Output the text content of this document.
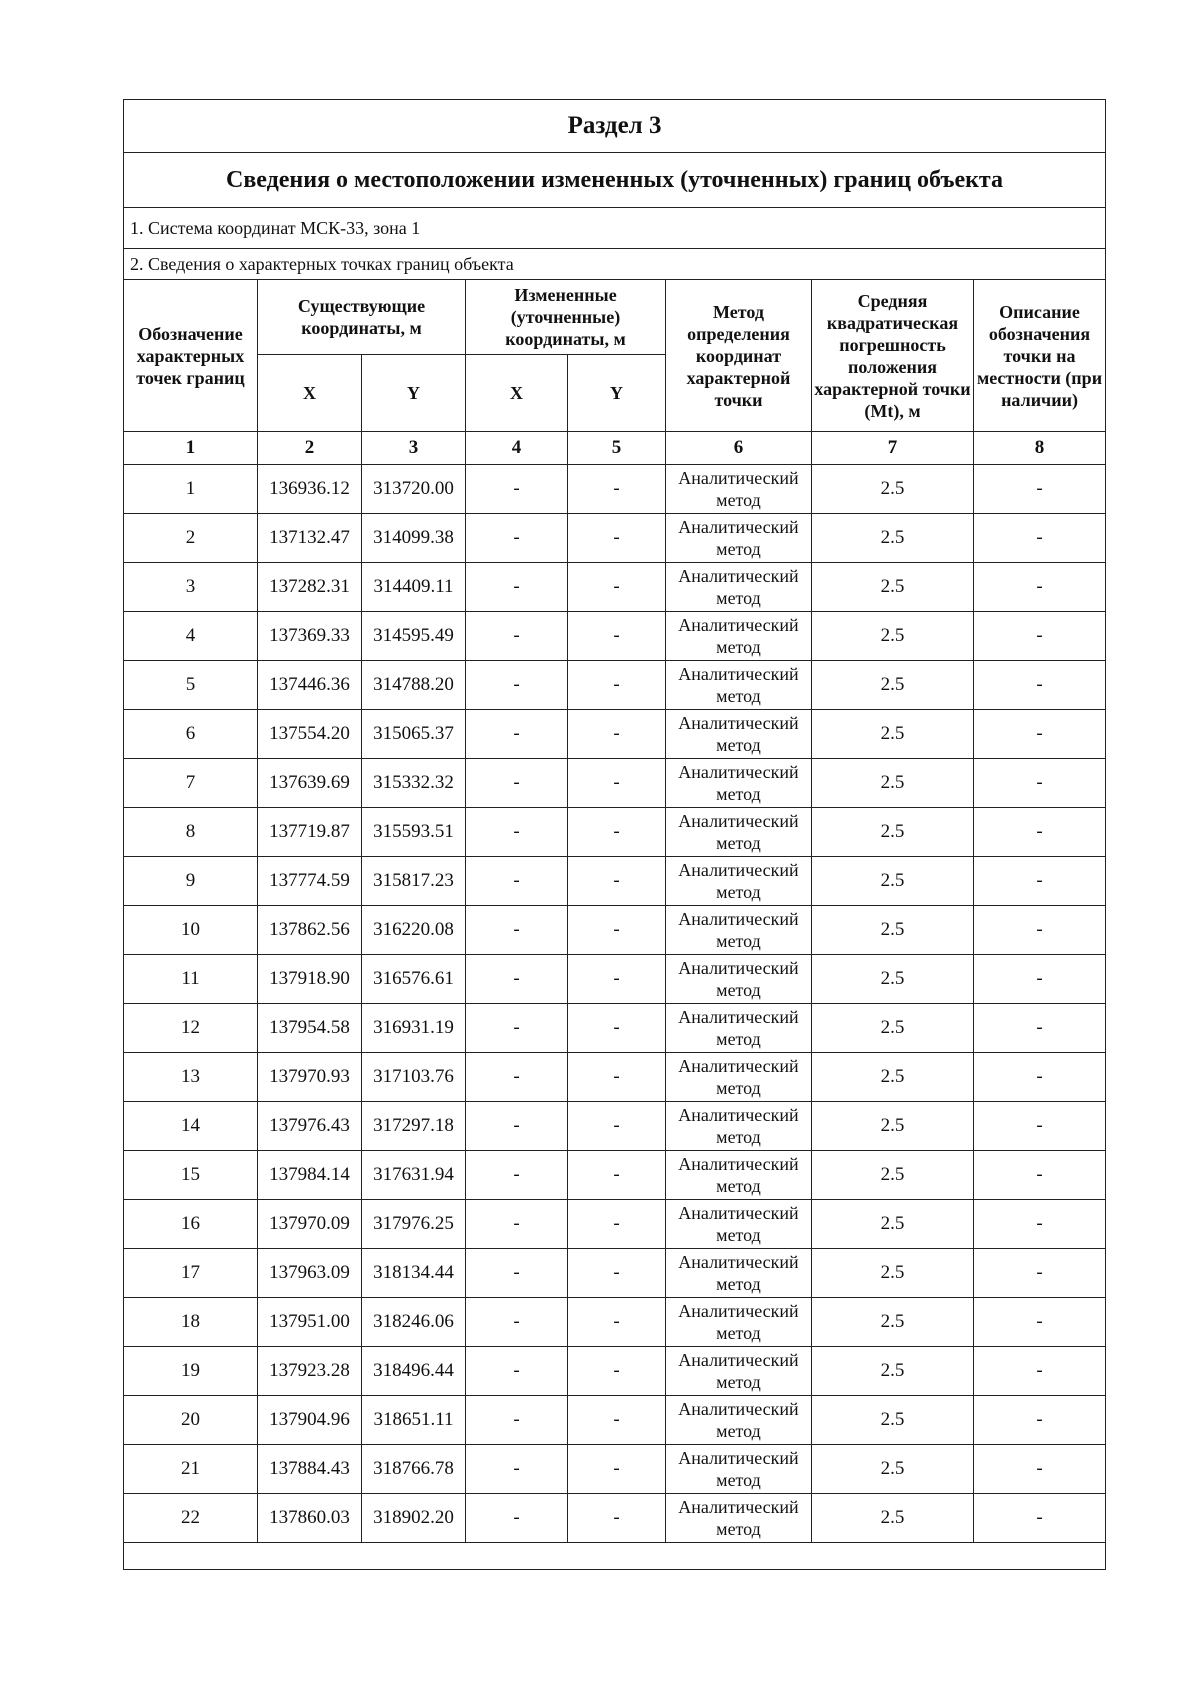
Раздел 3							
Сведения о местоположении измененных (уточненных) границ объекта							
1. Система координат МСК-33, зона 1							
2. Сведения о характерных точках границ объекта							
Обозначение характерных точек границ	Существующие координаты, м		Измененные (уточненные) координаты, м		Метод определения координат характерной точки	Средняя квадратическая погрешность положения характерной точки (Mt), м	Описание обозначения точки на местности (при наличии)
	X	Y	X	Y			
1	2	3	4	5	6	7	8
1	136936.12	313720.00	-	-	Аналитический метод	2.5	-
2	137132.47	314099.38	-	-	Аналитический метод	2.5	-
3	137282.31	314409.11	-	-	Аналитический метод	2.5	-
4	137369.33	314595.49	-	-	Аналитический метод	2.5	-
5	137446.36	314788.20	-	-	Аналитический метод	2.5	-
6	137554.20	315065.37	-	-	Аналитический метод	2.5	-
7	137639.69	315332.32	-	-	Аналитический метод	2.5	-
8	137719.87	315593.51	-	-	Аналитический метод	2.5	-
9	137774.59	315817.23	-	-	Аналитический метод	2.5	-
10	137862.56	316220.08	-	-	Аналитический метод	2.5	-
11	137918.90	316576.61	-	-	Аналитический метод	2.5	-
12	137954.58	316931.19	-	-	Аналитический метод	2.5	-
13	137970.93	317103.76	-	-	Аналитический метод	2.5	-
14	137976.43	317297.18	-	-	Аналитический метод	2.5	-
15	137984.14	317631.94	-	-	Аналитический метод	2.5	-
16	137970.09	317976.25	-	-	Аналитический метод	2.5	-
17	137963.09	318134.44	-	-	Аналитический метод	2.5	-
18	137951.00	318246.06	-	-	Аналитический метод	2.5	-
19	137923.28	318496.44	-	-	Аналитический метод	2.5	-
20	137904.96	318651.11	-	-	Аналитический метод	2.5	-
21	137884.43	318766.78	-	-	Аналитический метод	2.5	-
22	137860.03	318902.20	-	-	Аналитический метод	2.5	-
